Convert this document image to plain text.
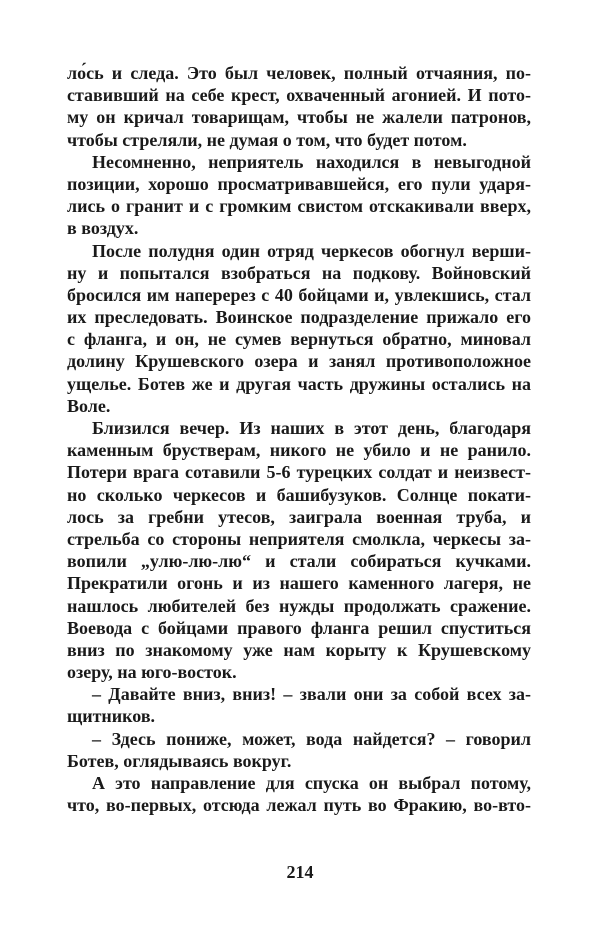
ло́сь и следа. Это был человек, полный отчаяния, по-
ставивший на себе крест, охваченный агонией. И пото-
му он кричал товарищам, чтобы не жалели патронов,
чтобы стреляли, не думая о том, что будет потом.
Несомненно, неприятель находился в невыгодной
позиции, хорошо просматривавшейся, его пули ударя-
лись о гранит и с громким свистом отскакивали вверх,
в воздух.
После полудня один отряд черкесов обогнул верши-
ну и попытался взобраться на подкову. Войновский
бросился им наперерез с 40 бойцами и, увлекшись, стал
их преследовать. Воинское подразделение прижало его
с фланга, и он, не сумев вернуться обратно, миновал
долину Крушевского озера и занял противоположное
ущелье. Ботев же и другая часть дружины остались на
Воле.
Близился вечер. Из наших в этот день, благодаря
каменным брустверам, никого не убило и не ранило.
Потери врага сотавили 5-6 турецких солдат и неизвест-
но сколько черкесов и башибузуков. Солнце покати-
лось за гребни утесов, заиграла военная труба, и
стрельба со стороны неприятеля смолкла, черкесы за-
вопили „улю-лю-лю“ и стали собираться кучками.
Прекратили огонь и из нашего каменного лагеря, не
нашлось любителей без нужды продолжать сражение.
Воевода с бойцами правого фланга решил спуститься
вниз по знакомому уже нам корыту к Крушевскому
озеру, на юго-восток.
– Давайте вниз, вниз! – звали они за собой всех за-
щитников.
– Здесь пониже, может, вода найдется? – говорил
Ботев, оглядываясь вокруг.
А это направление для спуска он выбрал потому,
что, во-первых, отсюда лежал путь во Фракию, во-вто-
214
